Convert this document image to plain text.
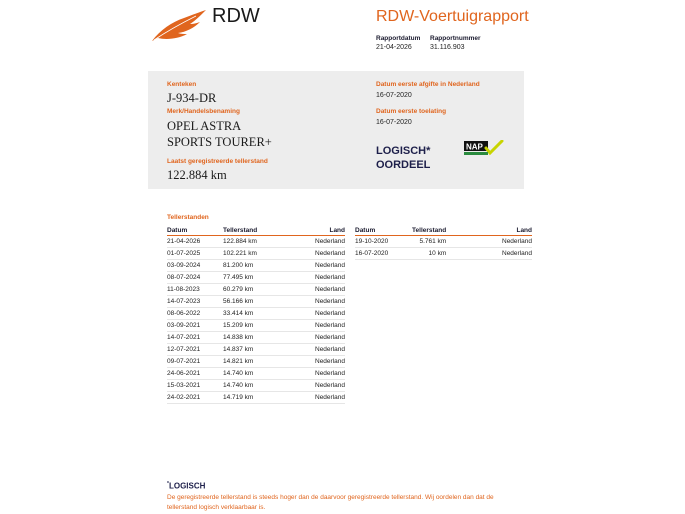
RDW	RDW-Voertuigrapport
Rapportdatum
21-04-2026
Rapportnummer
31.116.903
Kenteken
J-934-DR
Merk/Handelsbenaming
OPEL ASTRA
SPORTS TOURER+
Laatst geregistreerde tellerstand
122.884 km
Datum eerste afgifte in Nederland
16-07-2020
Datum eerste toelating
16-07-2020
LOGISCH*
OORDEEL
NAP
Tellerstanden
Datum	Tellerstand	Land
21-04-2026	122.884 km	Nederland
01-07-2025	102.221 km	Nederland
03-09-2024	81.200 km	Nederland
08-07-2024	77.495 km	Nederland
11-08-2023	60.279 km	Nederland
14-07-2023	56.166 km	Nederland
08-06-2022	33.414 km	Nederland
03-09-2021	15.209 km	Nederland
14-07-2021	14.838 km	Nederland
12-07-2021	14.837 km	Nederland
09-07-2021	14.821 km	Nederland
24-06-2021	14.740 km	Nederland
15-03-2021	14.740 km	Nederland
24-02-2021	14.719 km	Nederland
Datum	Tellerstand	Land
19-10-2020	5.761 km	Nederland
16-07-2020	10 km	Nederland
*LOGISCH
De geregistreerde tellerstand is steeds hoger dan de daarvoor geregistreerde tellerstand. Wij oordelen dan dat de tellerstand logisch verklaarbaar is.
